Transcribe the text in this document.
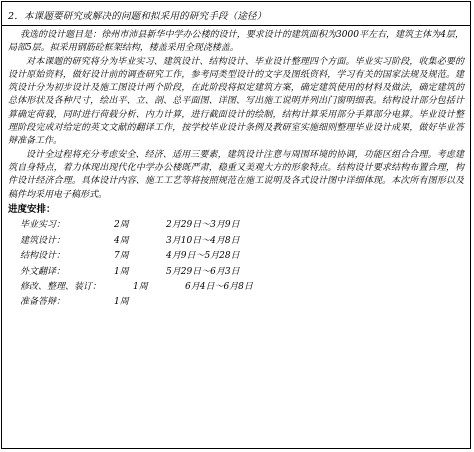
2．本课题要研究或解决的问题和拟采用的研究手段（途径）

我选的设计题目是：徐州市沛县新华中学办公楼的设计，要求设计的建筑面积为3000平左右，建筑主体为4层，局部5层。拟采用钢筋砼框架结构，楼盖采用全现浇楼盖。

对本课题的研究将分为毕业实习、建筑设计、结构设计、毕业设计整理四个方面。毕业实习阶段，收集必要的设计原始资料，做好设计前的调查研究工作，参考同类型设计的文字及图纸资料，学习有关的国家法规及规范。建筑设计分为初步设计及施工图设计两个阶段，在此阶段将拟定建筑方案，确定建筑使用的材料及做法，确定建筑的总体形状及各种尺寸，绘出平、立、剖、总平面图、详图、写出施工说明并列出门窗明细表。结构设计部分包括计算确定荷载，同时进行荷载分析、内力计算，进行截面设计的绘制，结构计算采用部分手算部分电算。毕业设计整理阶段完成对给定的英文文献的翻译工作，按学校毕业设计条例及教研室实施细则整理毕业设计成果，做好毕业答辩准备工作。

设计全过程将充分考虑安全、经济、适用三要素，建筑设计注意与周围环境的协调，功能区组合合理。考虑建筑自身特点，着力体现出现代化中学办公楼既严肃，稳重又美观大方的形象特点。结构设计要求结构布置合理，构件设计经济合理。具体设计内容、施工工艺等将按照规范在施工说明及各式设计图中详细体现。本次所有图形以及稿件均采用电子稿形式。

进度安排：
毕业实习：	2周	2月29日～3月9日
建筑设计：	4周	3月10日～4月8日
结构设计：	7周	4月9日～5月28日
外文翻译：	1周	5月29日～6月3日
修改、整理、装订：	1周	6月4日～6月8日
准备答辩：	1周
